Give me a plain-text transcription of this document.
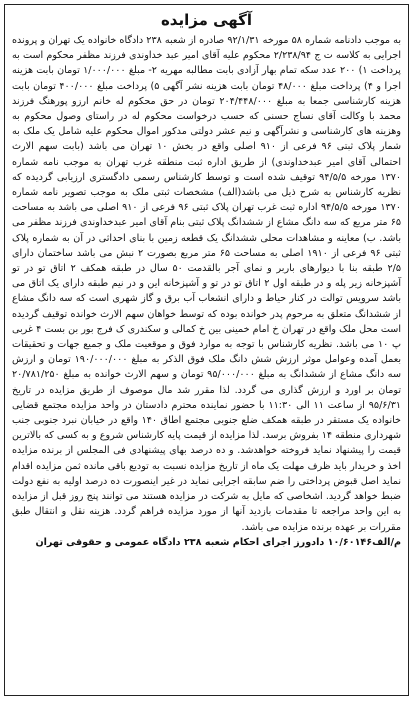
آگهی مزایده

به موجب دادنامه شماره ۵۸ مورخه ۹۲/۱/۳۱ صادره از شعبه ۲۳۸ دادگاه خانواده یک تهران و پرونده اجرایی به کلاسه ت ج ۲/۲۳۸/۹۴ محکوم علیه آقای امیر عبد خداوندی فرزند مظفر محکوم است به پرداخت ۱) ۲۰۰ عدد سکه تمام بهار آزادی بابت مطالبه مهریه ۲- مبلغ ۱/۰۰۰/۰۰۰ تومان بابت هزینه اجرا و ۴) پرداخت مبلغ ۴۸/۰۰۰ تومان بابت هزینه نشر آگهی ۵) پرداخت مبلغ ۴۰۰/۰۰۰ تومان بابت هزینه کارشناسی جمعا به مبلغ ۲۰۴/۴۴۸/۰۰۰ تومان در حق محکوم له خانم ارزو پورهنگ فرزند محمد با وکالت آقای نساج حسنی که حسب درخواست محکوم له در راستای وصول محکوم به وهزینه های کارشناسی و نشرآگهی و نیم عشر دولتی مدکور اموال محکوم علیه شامل یک ملک به شمار پلاک ثبتی ۹۶ فرعی از ۹۱۰ اصلی واقع در بخش ۱۰ تهران می باشد (بابت سهم الارث احتمالی آقای امیر عبدخداوندی) از طریق اداره ثبت منطقه غرب تهران به موجب نامه شماره ۱۳۷۰ مورخه ۹۴/۵/۵ توقیف شده است و توسط کارشناس رسمی دادگستری ارزیابی گردیده که نظریه کارشناس به شرح ذیل می باشد(الف) مشخصات ثبتی ملک به موجب تصویر نامه شماره ۱۳۷۰ مورخه ۹۴/۵/۵ اداره ثبت غرب تهران پلاک ثبتی ۹۶ فرعی از ۹۱۰ اصلی می باشد به مساحت ۶۵ متر مربع که سه دانگ مشاع از ششدانگ پلاک ثبتی بنام آقای امیر عبدخداوندی فرزند مظفر می باشد. ب) معاینه و مشاهدات محلی ششدانگ یک قطعه زمین با بنای احداثی در آن به شماره پلاک ثبتی ۹۶ فرعی از ۱۹۱۰ اصلی به مساحت ۶۵ متر مربع بصورت ۲ نبش می باشد ساختمان دارای ۲/۵ طبقه بنا با دیوارهای باربر و نمای آجر بالقدمت ۵۰ سال در طبقه همکف ۲ اتاق تو در تو آشپزخانه زیر پله و در طبقه اول ۲ اتاق تو در تو و آشپزخانه این و در نیم طبقه دارای یک اتاق می باشد سرویس توالت در کنار حیاط و دارای انشعاب آب برق و گاز شهری است که سه دانگ مشاع از ششدانگ متعلق به مرحوم پدر خوانده بوده که توسط خواهان سهم الارث خوانده توقیف گردیده است محل ملک واقع در تهران خ امام خمینی بین خ کمالی و سکندری ک فرج بور بن بست ۴ غربی پ ۱۰ می باشد. نظریه کارشناس با توجه به موارد فوق و موقعیت ملک و جمیع جهات و تحقیقات بعمل آمده وعوامل موثر ارزش شش دانگ ملک فوق الذکر به مبلغ ۱۹۰/۰۰۰/۰۰۰ تومان و ارزش سه دانگ مشاع از ششدانگ به مبلغ ۹۵/۰۰۰/۰۰۰ تومان و سهم الارث خوانده به مبلغ ۲۰/۷۸۱/۲۵۰ تومان بر اورد و ارزش گذاری می گردد. لذا مقرر شد مال موصوف از طریق مزایده در تاریخ ۹۵/۶/۳۱ از ساعت ۱۱ الی ۱۱:۳۰ با حضور نماینده محترم دادستان در واحد مزایده مجتمع قضایی خانواده یک مستقر در طبقه همکف ضلع جنوبی مجتمع اطاق ۱۴۰ واقع در خیابان نبرد جنوبی جنب شهرداری منطقه ۱۴ بفروش برسد. لذا مزایده از قیمت پایه کارشناس شروع و به کسی که بالاترین قیمت را پیشنهاد نماید فروخته خواهدشد. و ده درصد بهای پیشنهادی فی المجلس از برنده مزایده اخذ و خریدار باید ظرف مهلت یک ماه از تاریخ مزایده نسبت به تودیع باقی مانده ثمن مزایده اقدام نماید اصل قبوض پرداختی را ضم سابقه اجرایی نماید در غیر اینصورت ده درصد اولیه به نفع دولت ضبط خواهد گردید. اشخاصی که مایل به شرکت در مزایده هستند می توانند پنج روز قبل از مزایده به این واحد مراجعه تا مقدمات بازدید آنها از مورد مزایده فراهم گردد. هزینه نقل و انتقال طبق مقررات بر عهده برنده مزایده می باشد.

م/الف۱۰/۶۰۱۴۶ دادورز اجرای احکام شعبه ۲۳۸ دادگاه عمومی و حقوقی تهران
